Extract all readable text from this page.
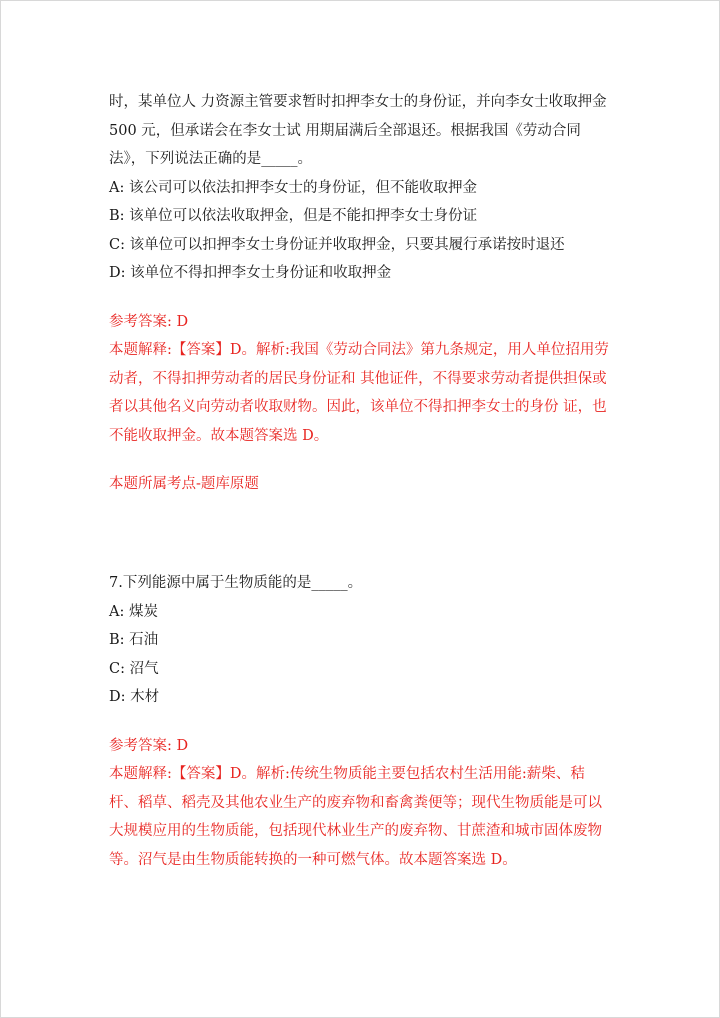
时，某单位人 力资源主管要求暂时扣押李女士的身份证，并向李女士收取押金
500 元，但承诺会在李女士试 用期届满后全部退还。根据我国《劳动合同
法》，下列说法正确的是_____。
A: 该公司可以依法扣押李女士的身份证，但不能收取押金
B: 该单位可以依法收取押金，但是不能扣押李女士身份证
C: 该单位可以扣押李女士身份证并收取押金，只要其履行承诺按时退还
D: 该单位不得扣押李女士身份证和收取押金
参考答案: D
本题解释:【答案】D。解析:我国《劳动合同法》第九条规定，用人单位招用劳
动者，不得扣押劳动者的居民身份证和 其他证件，不得要求劳动者提供担保或
者以其他名义向劳动者收取财物。因此，该单位不得扣押李女士的身份 证，也
不能收取押金。故本题答案选 D。
本题所属考点-题库原题
7.下列能源中属于生物质能的是_____。
A: 煤炭
B: 石油
C: 沼气
D: 木材
参考答案: D
本题解释:【答案】D。解析:传统生物质能主要包括农村生活用能:薪柴、秸
杆、稻草、稻壳及其他农业生产的废弃物和畜禽粪便等；现代生物质能是可以
大规模应用的生物质能，包括现代林业生产的废弃物、甘蔗渣和城市固体废物
等。沼气是由生物质能转换的一种可燃气体。故本题答案选 D。
